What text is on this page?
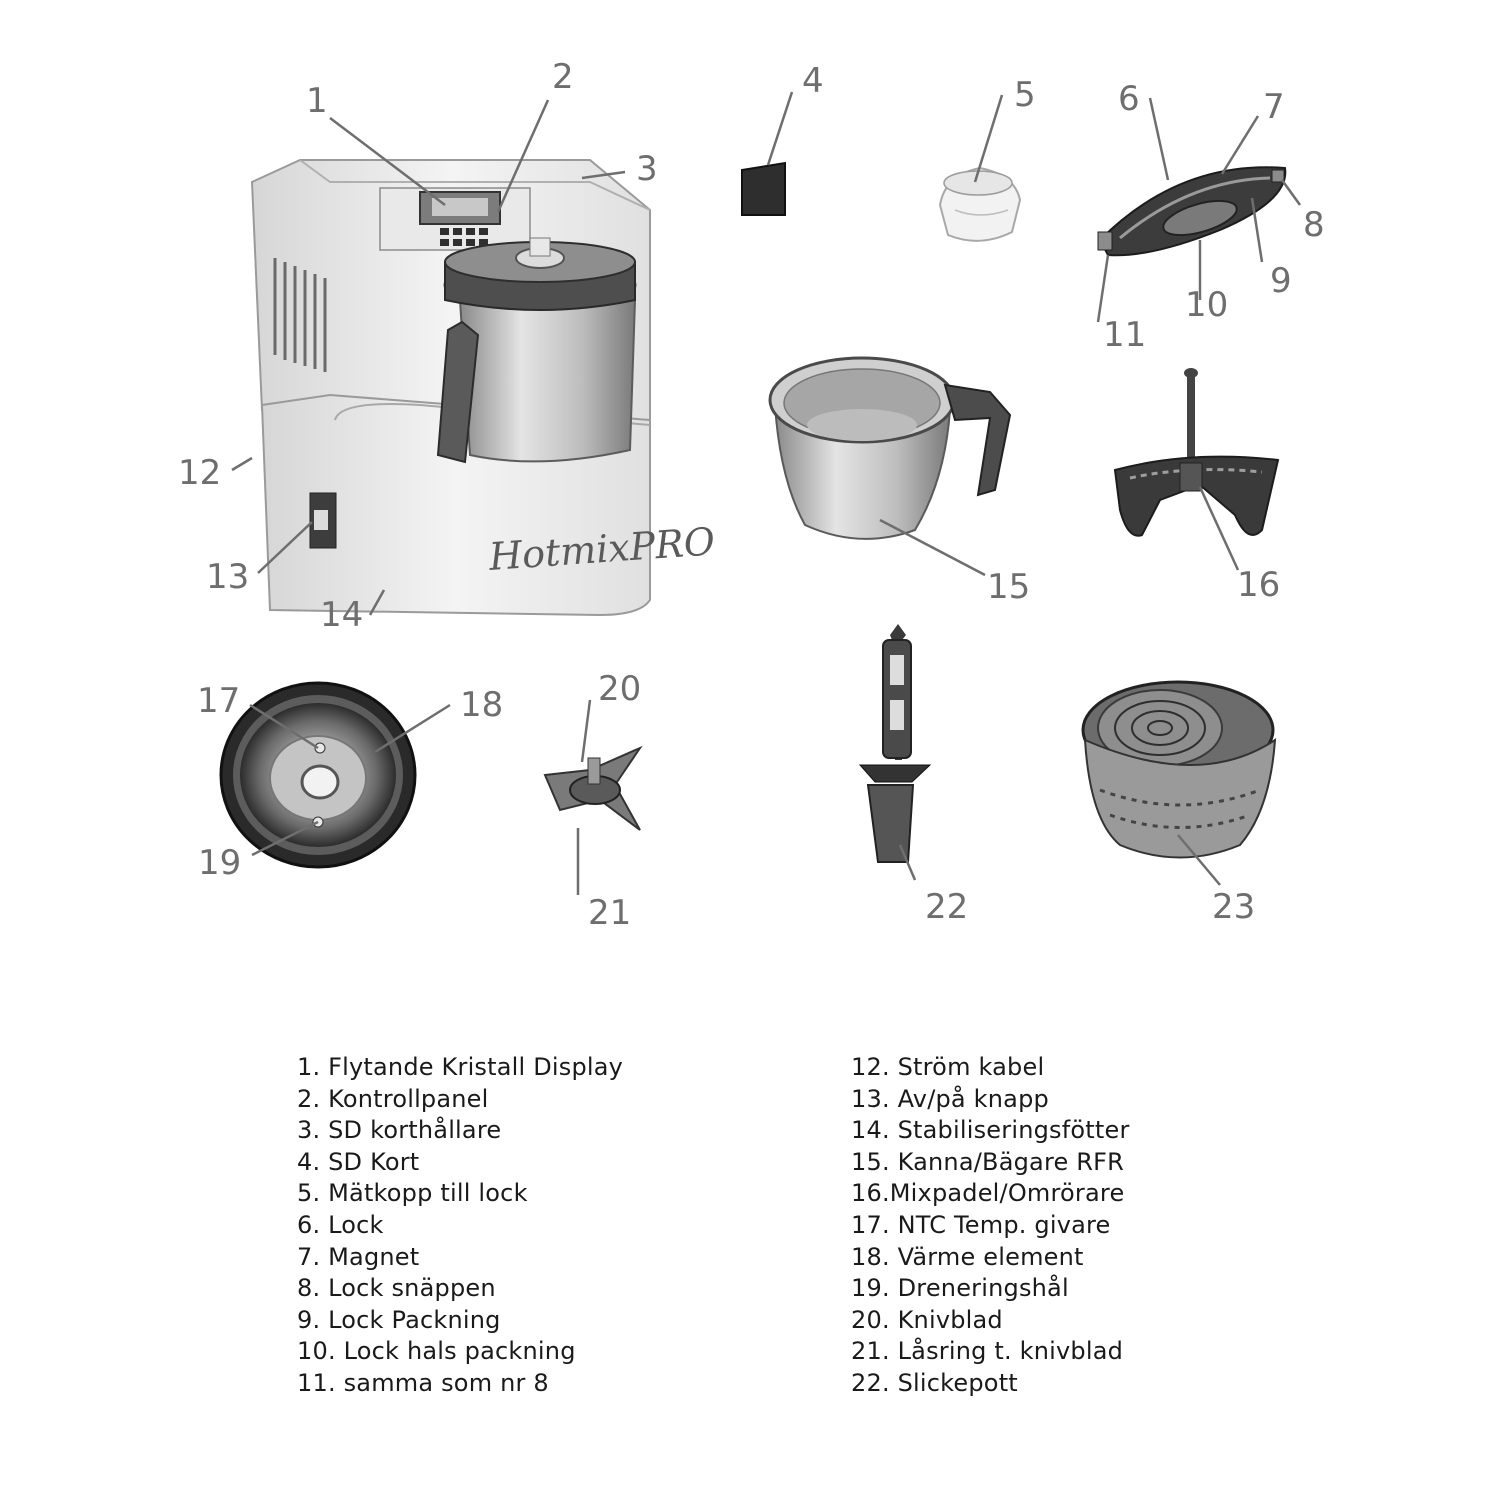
HotmixPRO
1
2
3
4	5 6	7
8
9
10
11
12
13
14
15	16
17	18
19
20
21	22	23
1. Flytande Kristall Display
2. Kontrollpanel
3. SD korthållare
4. SD Kort
5. Mätkopp till lock
6. Lock
7. Magnet
8. Lock snäppen
9. Lock Packning
10. Lock hals packning
11. samma som nr 8
12. Ström kabel
13. Av/på knapp
14. Stabiliseringsfötter
15. Kanna/Bägare RFR
16.Mixpadel/Omrörare
17. NTC Temp. givare
18. Värme element
19. Dreneringshål
20. Knivblad
21. Låsring t. knivblad
22. Slickepott
